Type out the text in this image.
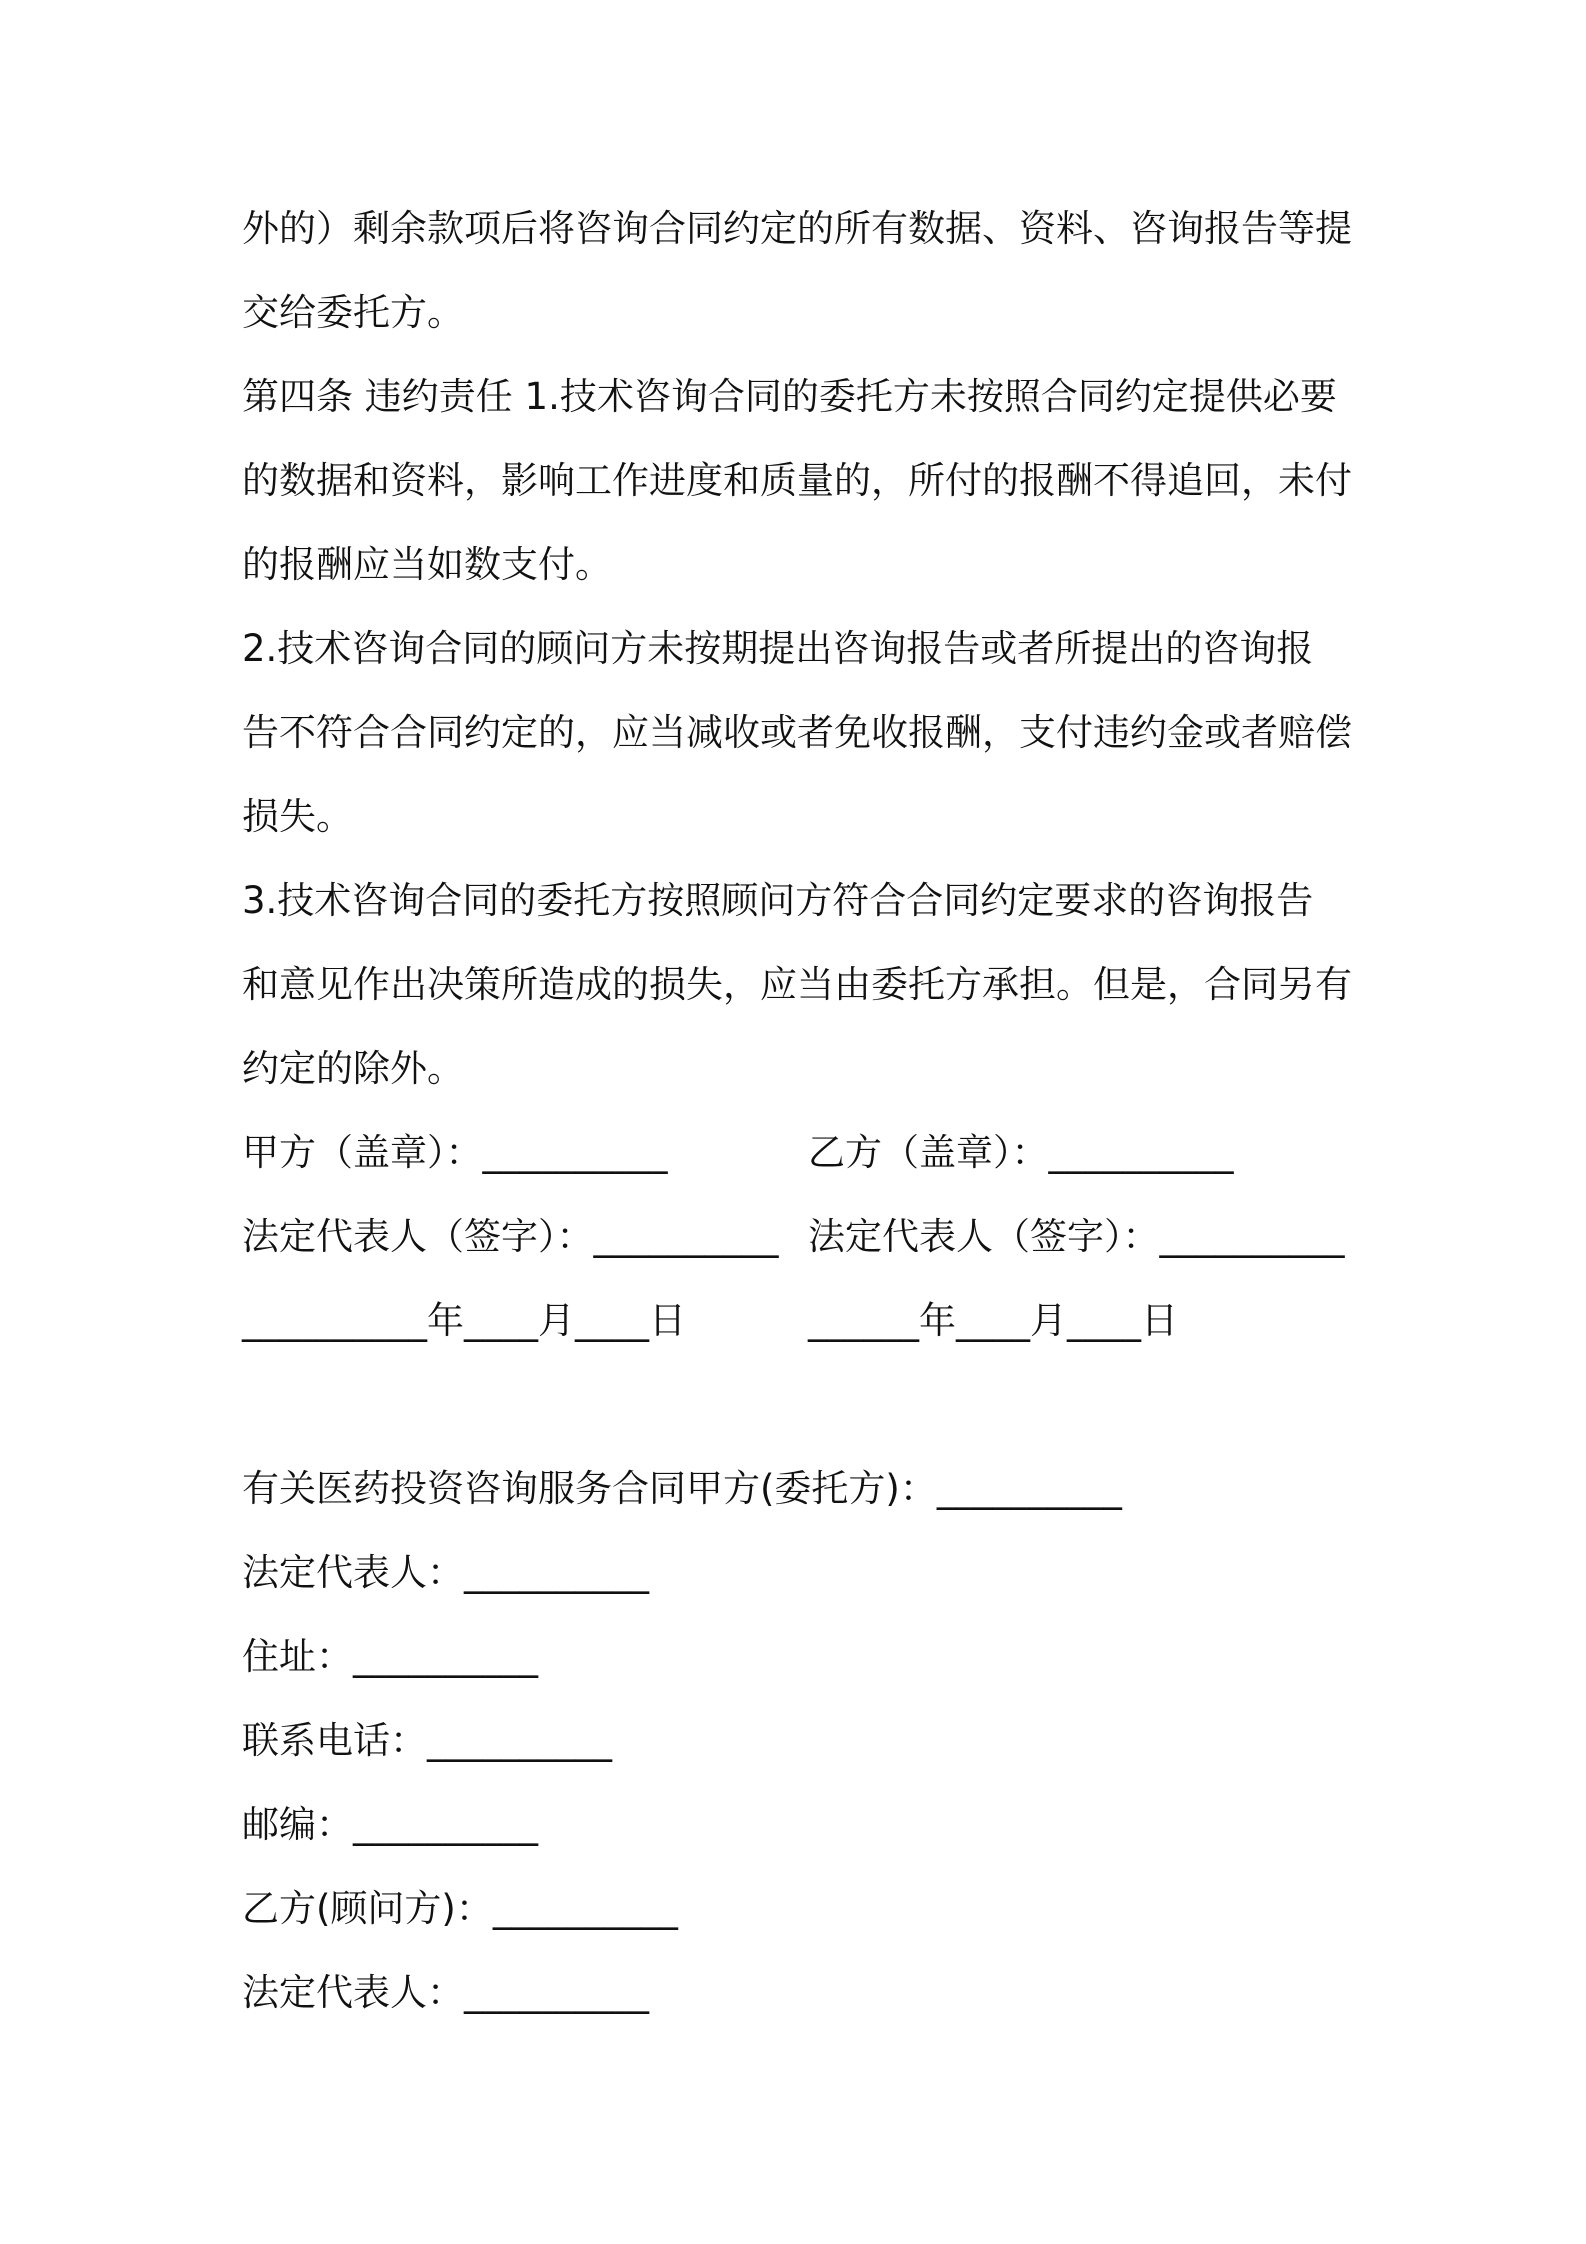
外的）剩余款项后将咨询合同约定的所有数据、资料、咨询报告等提
交给委托方。
第四条 违约责任 1.技术咨询合同的委托方未按照合同约定提供必要
的数据和资料，影响工作进度和质量的，所付的报酬不得追回，未付
的报酬应当如数支付。
2.技术咨询合同的顾问方未按期提出咨询报告或者所提出的咨询报
告不符合合同约定的，应当减收或者免收报酬，支付违约金或者赔偿
损失。
3.技术咨询合同的委托方按照顾问方符合合同约定要求的咨询报告
和意见作出决策所造成的损失，应当由委托方承担。但是，合同另有
约定的除外。
甲方（盖章）：__________	乙方（盖章）：__________
法定代表人（签字）：__________ 法定代表人（签字）：__________
__________年____月____日	______年____月____日
有关医药投资咨询服务合同甲方(委托方)：__________
法定代表人：__________
住址：__________
联系电话：__________
邮编：__________
乙方(顾问方)：__________
法定代表人：__________
